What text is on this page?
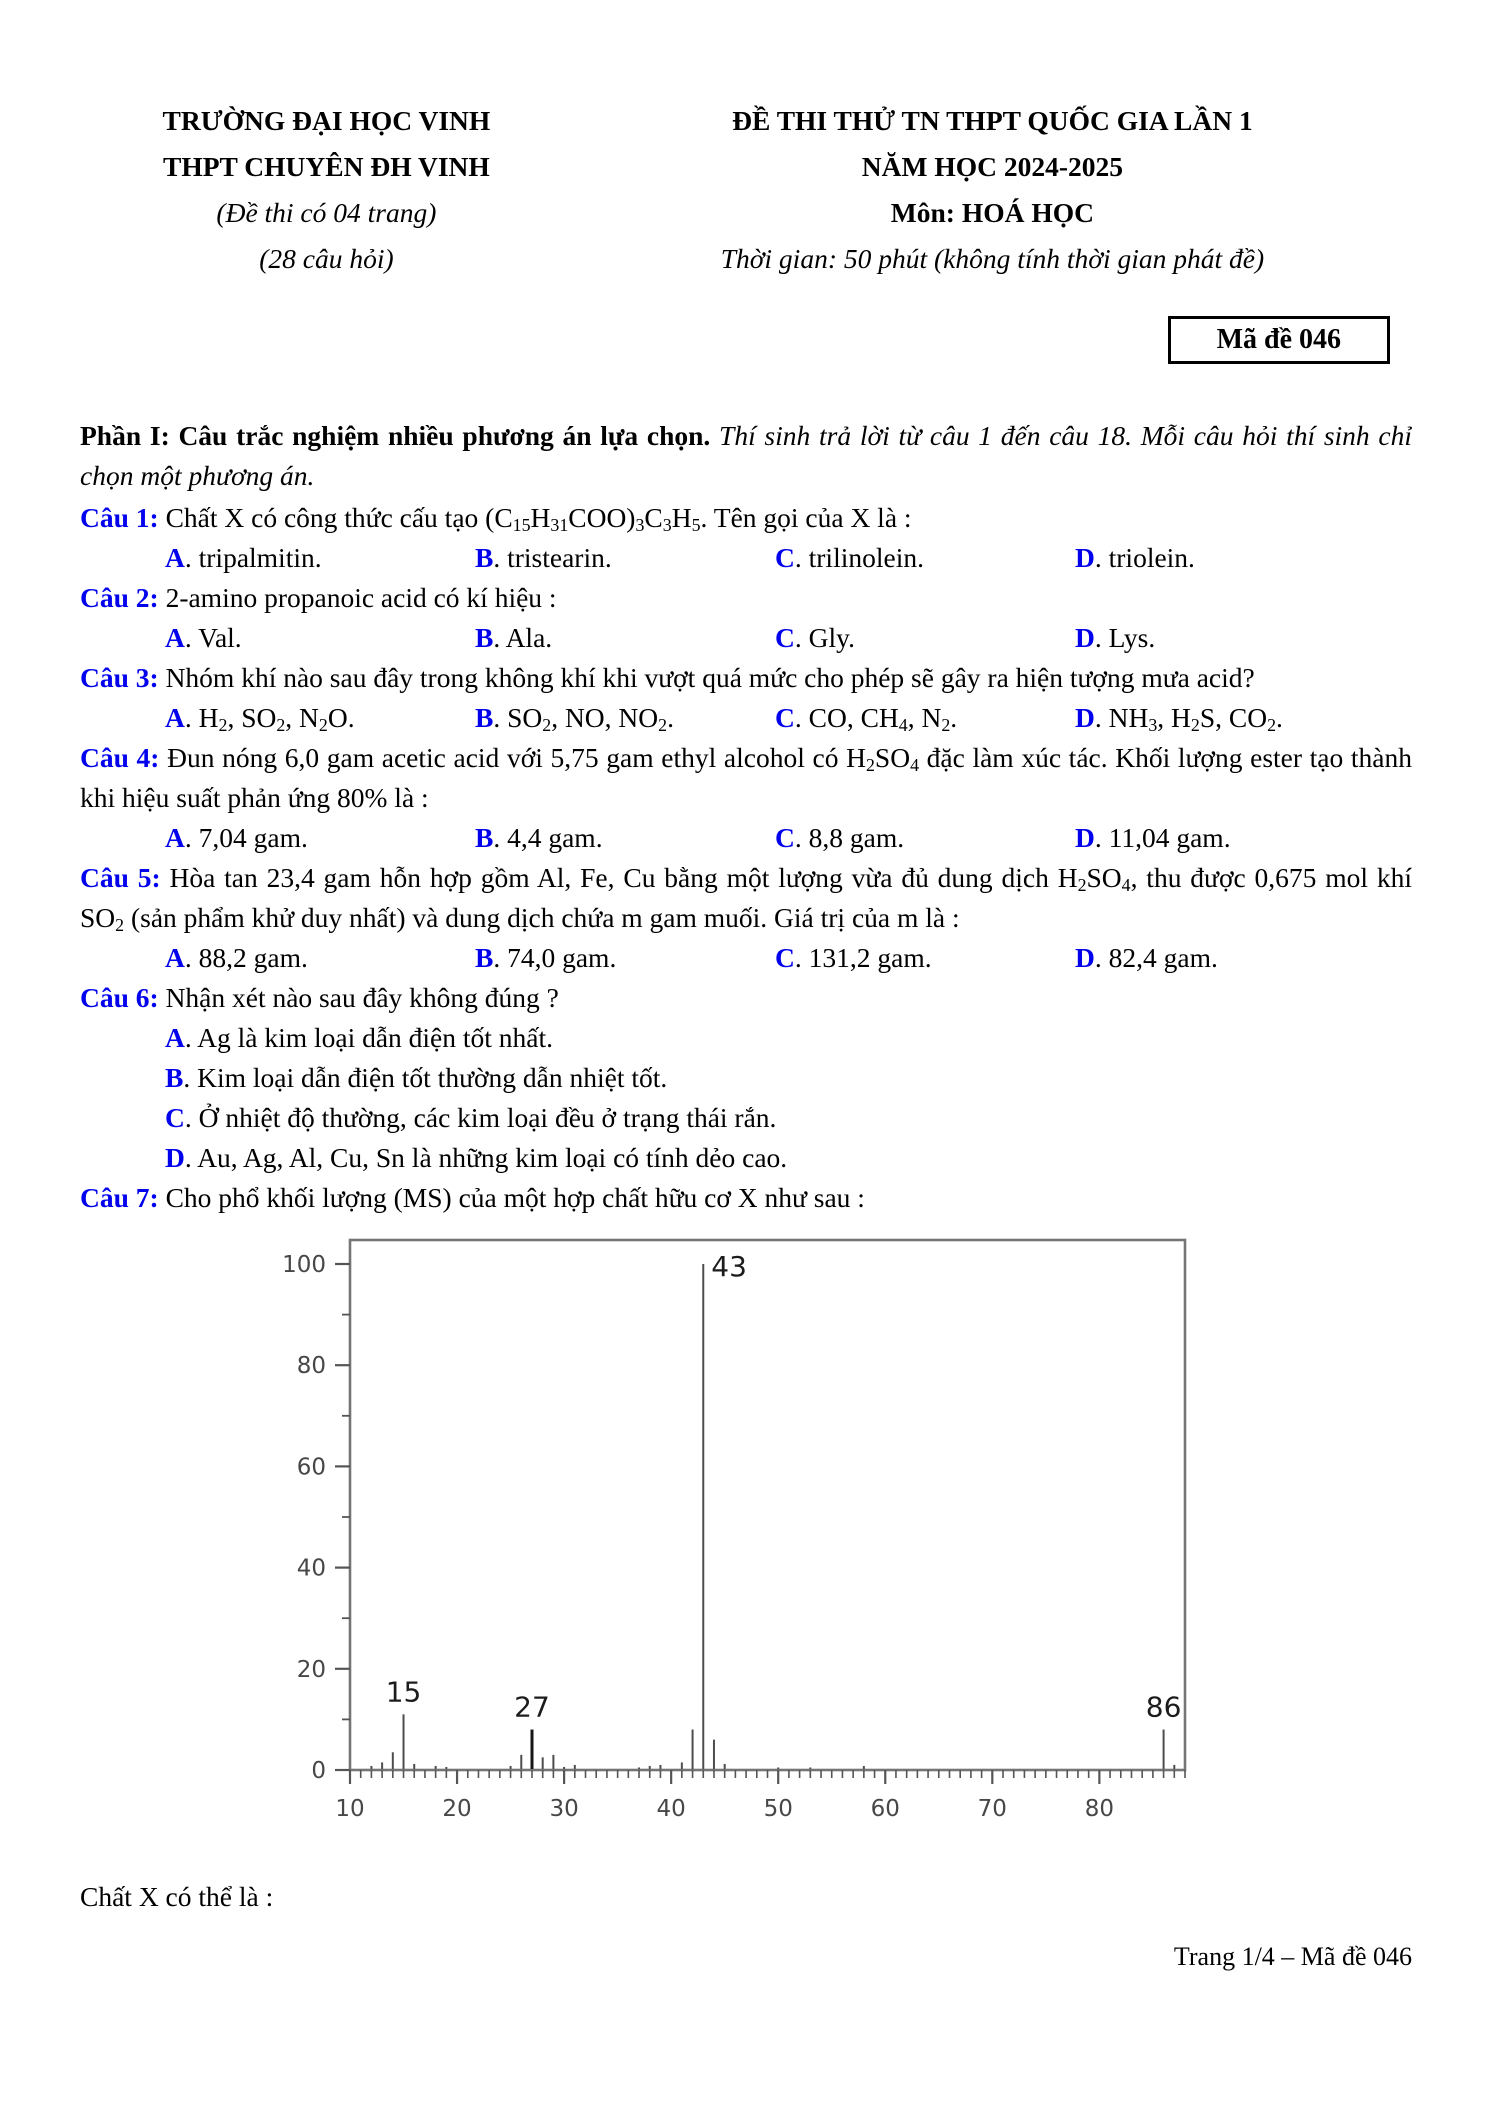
TRƯỜNG ĐẠI HỌC VINH

THPT CHUYÊN ĐH VINH

(Đề thi có 04 trang)

(28 câu hỏi)

ĐỀ THI THỬ TN THPT QUỐC GIA LẦN 1

NĂM HỌC 2024-2025

Môn: HOÁ HỌC

Thời gian: 50 phút (không tính thời gian phát đề)

Mã đề 046

Phần I: Câu trắc nghiệm nhiều phương án lựa chọn. Thí sinh trả lời từ câu 1 đến câu 18. Mỗi câu hỏi thí sinh chỉ chọn một phương án.

Câu 1: Chất X có công thức cấu tạo $(C_{15}H_{31}COO)_3C_3H_5$. Tên gọi của X là :

A. tripalmitin.	B. tristearin.	C. trilinolein.	D. triolein.

Câu 2: 2-amino propanoic acid có kí hiệu :

A. Val.	B. Ala.	C. Gly.	D. Lys.

Câu 3: Nhóm khí nào sau đây trong không khí khi vượt quá mức cho phép sẽ gây ra hiện tượng mưa acid?

A. $H_2$, $SO_2$, $N_2O$.	B. $SO_2$, NO, $NO_2$.	C. CO, $CH_4$, $N_2$.	D. $NH_3$, $H_2S$, $CO_2$.

Câu 4: Đun nóng 6,0 gam acetic acid với 5,75 gam ethyl alcohol có $H_2SO_4$ đặc làm xúc tác. Khối lượng ester tạo thành khi hiệu suất phản ứng 80% là :

A. 7,04 gam.	B. 4,4 gam.	C. 8,8 gam.	D. 11,04 gam.

Câu 5: Hòa tan 23,4 gam hỗn hợp gồm Al, Fe, Cu bằng một lượng vừa đủ dung dịch $H_2SO_4$, thu được 0,675 mol khí $SO_2$ (sản phẩm khử duy nhất) và dung dịch chứa m gam muối. Giá trị của m là :

A. 88,2 gam.	B. 74,0 gam.	C. 131,2 gam.	D. 82,4 gam.

Câu 6: Nhận xét nào sau đây không đúng ?

A. Ag là kim loại dẫn điện tốt nhất.
B. Kim loại dẫn điện tốt thường dẫn nhiệt tốt.
C. Ở nhiệt độ thường, các kim loại đều ở trạng thái rắn.
D. Au, Ag, Al, Cu, Sn là những kim loại có tính dẻo cao.

Câu 7: Cho phổ khối lượng (MS) của một hợp chất hữu cơ X như sau :

0
20
40
60
80
100
10	20	30	40	50	60	70	80
15	27
43
86

Chất X có thể là :

Trang 1/4 – Mã đề 046
